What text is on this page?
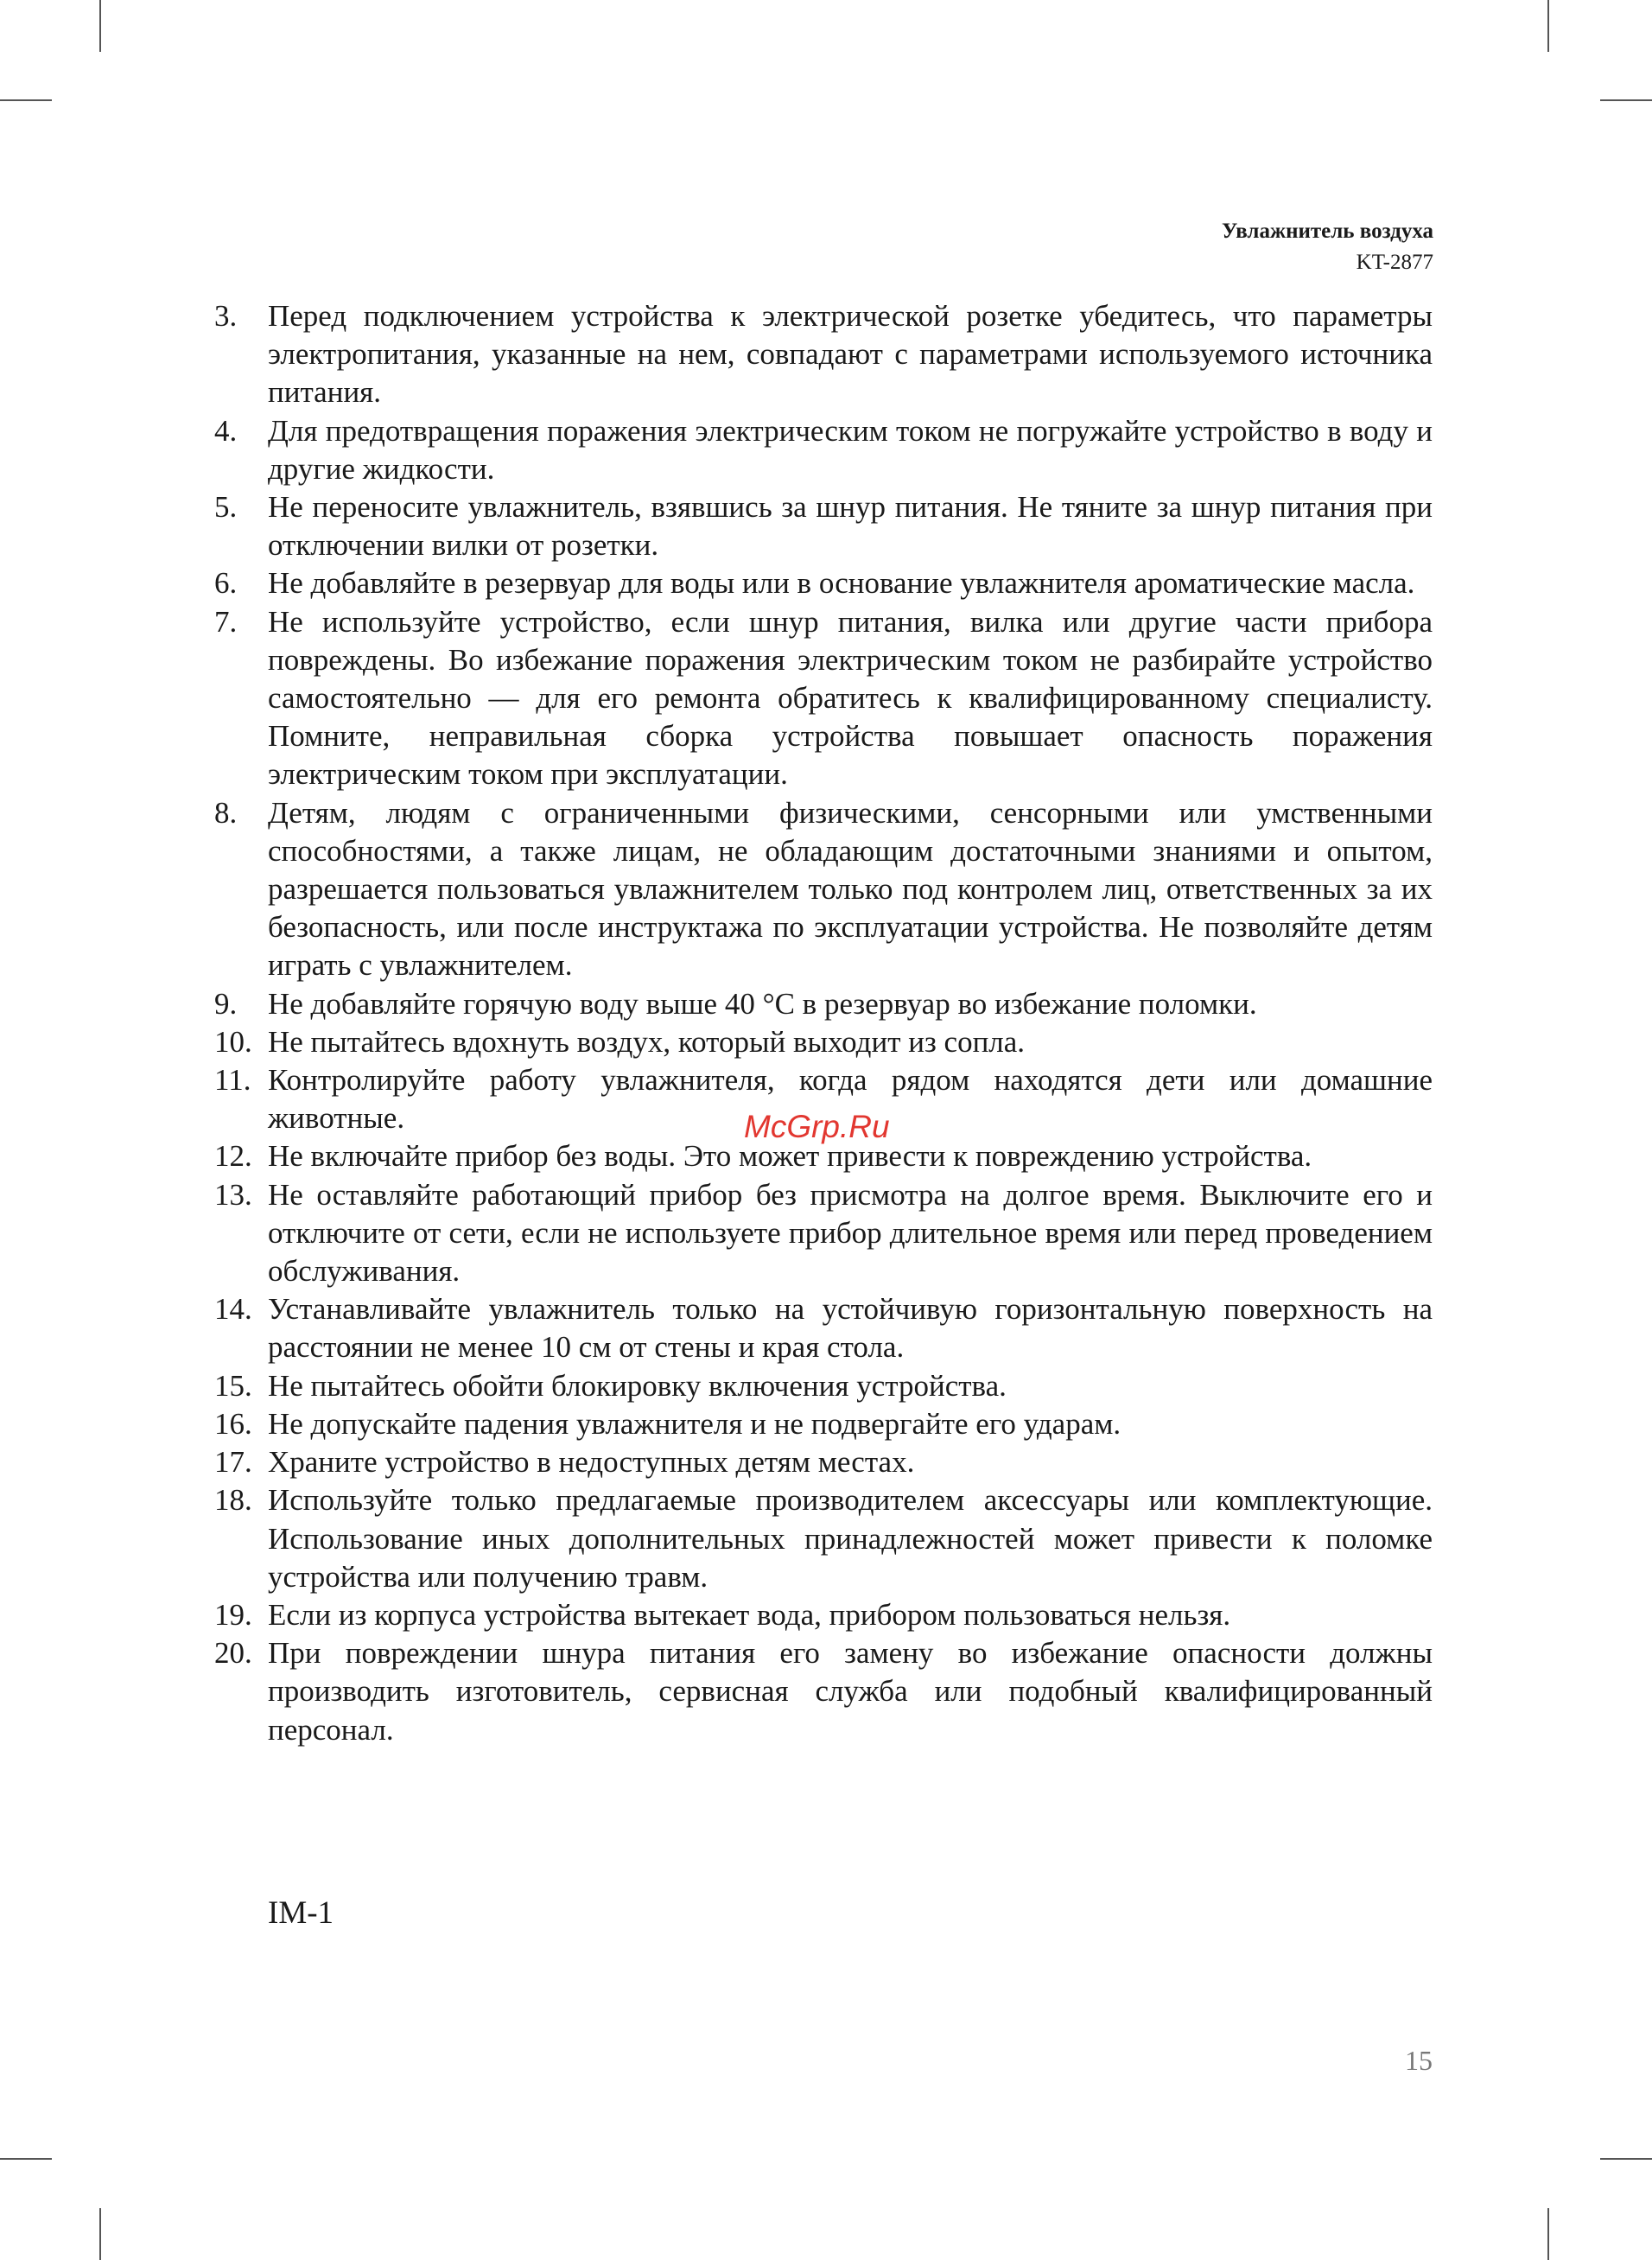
Увлажнитель воздуха
KT-2877
3. Перед подключением устройства к электрической розетке убедитесь, что параметры электропитания, указанные на нем, совпадают с параметрами используемого источника питания.
4. Для предотвращения поражения электрическим током не погружайте устройство в воду и другие жидкости.
5. Не переносите увлажнитель, взявшись за шнур питания. Не тяните за шнур питания при отключении вилки от розетки.
6. Не добавляйте в резервуар для воды или в основание увлажнителя ароматические масла.
7. Не используйте устройство, если шнур питания, вилка или другие части прибора повреждены. Во избежание поражения электрическим током не разбирайте устройство самостоятельно — для его ремонта обратитесь к квалифицированному специалисту. Помните, неправильная сборка устройства повышает опасность поражения электрическим током при эксплуатации.
8. Детям, людям с ограниченными физическими, сенсорными или умственными способностями, а также лицам, не обладающим достаточными знаниями и опытом, разрешается пользоваться увлажнителем только под контролем лиц, ответственных за их безопасность, или после инструктажа по эксплуатации устройства. Не позволяйте детям играть с увлажнителем.
9. Не добавляйте горячую воду выше 40 °С в резервуар во избежание поломки.
10. Не пытайтесь вдохнуть воздух, который выходит из сопла.
11. Контролируйте работу увлажнителя, когда рядом находятся дети или домашние животные.
12. Не включайте прибор без воды. Это может привести к повреждению устройства.
13. Не оставляйте работающий прибор без присмотра на долгое время. Выключите его и отключите от сети, если не используете прибор длительное время или перед проведением обслуживания.
14. Устанавливайте увлажнитель только на устойчивую горизонтальную поверхность на расстоянии не менее 10 см от стены и края стола.
15. Не пытайтесь обойти блокировку включения устройства.
16. Не допускайте падения увлажнителя и не подвергайте его ударам.
17. Храните устройство в недоступных детям местах.
18. Используйте только предлагаемые производителем аксессуары или комплектующие. Использование иных дополнительных принадлежностей может привести к поломке устройства или получению травм.
19. Если из корпуса устройства вытекает вода, прибором пользоваться нельзя.
20. При повреждении шнура питания его замену во избежание опасности должны производить изготовитель, сервисная служба или подобный квалифицированный персонал.
McGrp.Ru
IM-1
15
